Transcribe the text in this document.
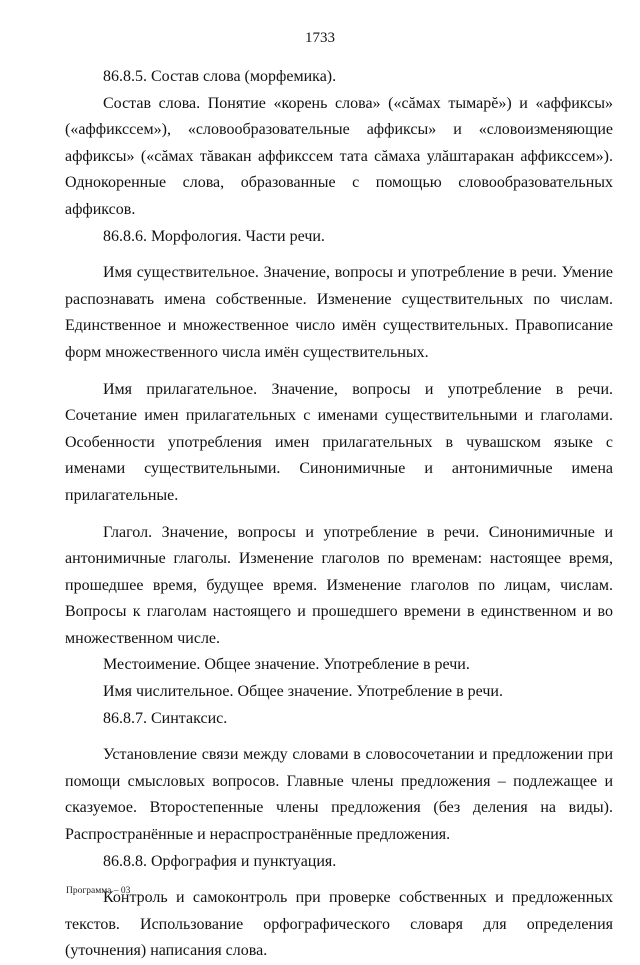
1733

86.8.5. Состав слова (морфемика).

Состав слова. Понятие «корень слова» («сăмах тымарĕ») и «аффиксы» («аффикссем»), «словообразовательные аффиксы» и «словоизменяющие аффиксы» («сăмах тăвакан аффикссем тата сăмаха улăштаракан аффикссем»). Однокоренные слова, образованные с помощью словообразовательных аффиксов.

86.8.6. Морфология. Части речи.

Имя существительное. Значение, вопросы и употребление в речи. Умение распознавать имена собственные. Изменение существительных по числам. Единственное и множественное число имён существительных. Правописание форм множественного числа имён существительных.

Имя прилагательное. Значение, вопросы и употребление в речи. Сочетание имен прилагательных с именами существительными и глаголами. Особенности употребления имен прилагательных в чувашском языке с именами существительными. Синонимичные и антонимичные имена прилагательные.

Глагол. Значение, вопросы и употребление в речи. Синонимичные и антонимичные глаголы. Изменение глаголов по временам: настоящее время, прошедшее время, будущее время. Изменение глаголов по лицам, числам. Вопросы к глаголам настоящего и прошедшего времени в единственном и во множественном числе.

Местоимение. Общее значение. Употребление в речи.

Имя числительное. Общее значение. Употребление в речи.

86.8.7. Синтаксис.

Установление связи между словами в словосочетании и предложении при помощи смысловых вопросов. Главные члены предложения – подлежащее и сказуемое. Второстепенные члены предложения (без деления на виды). Распространённые и нераспространённые предложения.

86.8.8. Орфография и пунктуация.

Контроль и самоконтроль при проверке собственных и предложенных текстов. Использование орфографического словаря для определения (уточнения) написания слова.

Программа – 03
